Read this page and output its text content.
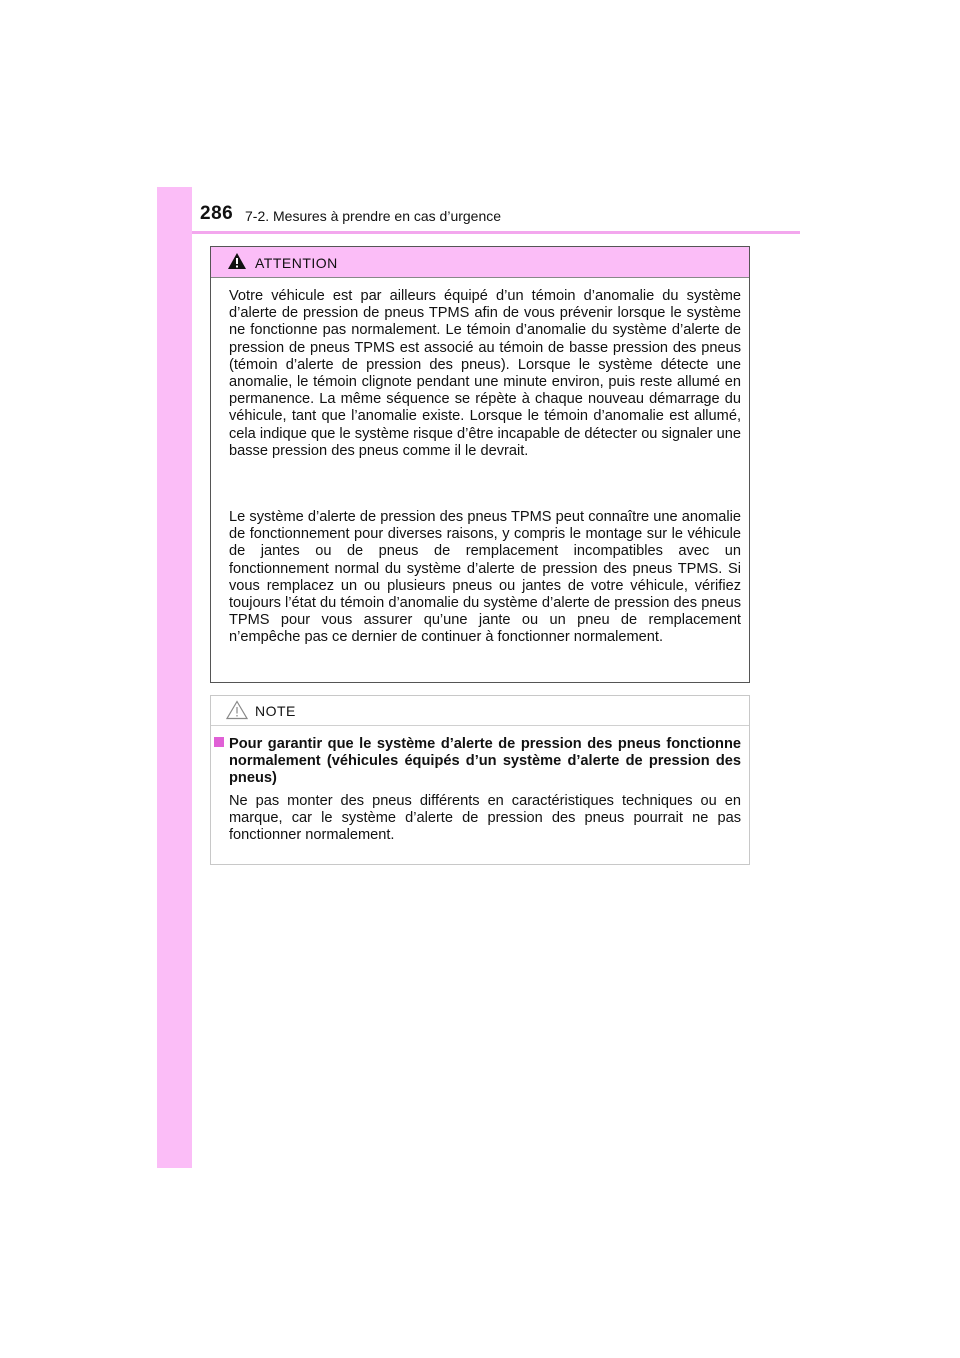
286 7-2. Mesures à prendre en cas d’urgence
ATTENTION
Votre véhicule est par ailleurs équipé d’un témoin d’anomalie du système d’alerte de pression de pneus TPMS afin de vous prévenir lorsque le système ne fonctionne pas normalement. Le témoin d’anomalie du système d’alerte de pression de pneus TPMS est associé au témoin de basse pression des pneus (témoin d’alerte de pression des pneus). Lorsque le système détecte une anomalie, le témoin clignote pendant une minute environ, puis reste allumé en permanence. La même séquence se répète à chaque nouveau démarrage du véhicule, tant que l’anomalie existe. Lorsque le témoin d’anomalie est allumé, cela indique que le système risque d’être incapable de détecter ou signaler une basse pression des pneus comme il le devrait.
Le système d’alerte de pression des pneus TPMS peut connaître une anomalie de fonctionnement pour diverses raisons, y compris le montage sur le véhicule de jantes ou de pneus de remplacement incompatibles avec un fonctionnement normal du système d’alerte de pression des pneus TPMS. Si vous remplacez un ou plusieurs pneus ou jantes de votre véhicule, vérifiez toujours l’état du témoin d’anomalie du système d’alerte de pression des pneus TPMS pour vous assurer qu’une jante ou un pneu de remplacement n’empêche pas ce dernier de continuer à fonctionner normalement.
NOTE
Pour garantir que le système d’alerte de pression des pneus fonctionne normalement (véhicules équipés d’un système d’alerte de pression des pneus)
Ne pas monter des pneus différents en caractéristiques techniques ou en marque, car le système d’alerte de pression des pneus pourrait ne pas fonctionner normalement.
